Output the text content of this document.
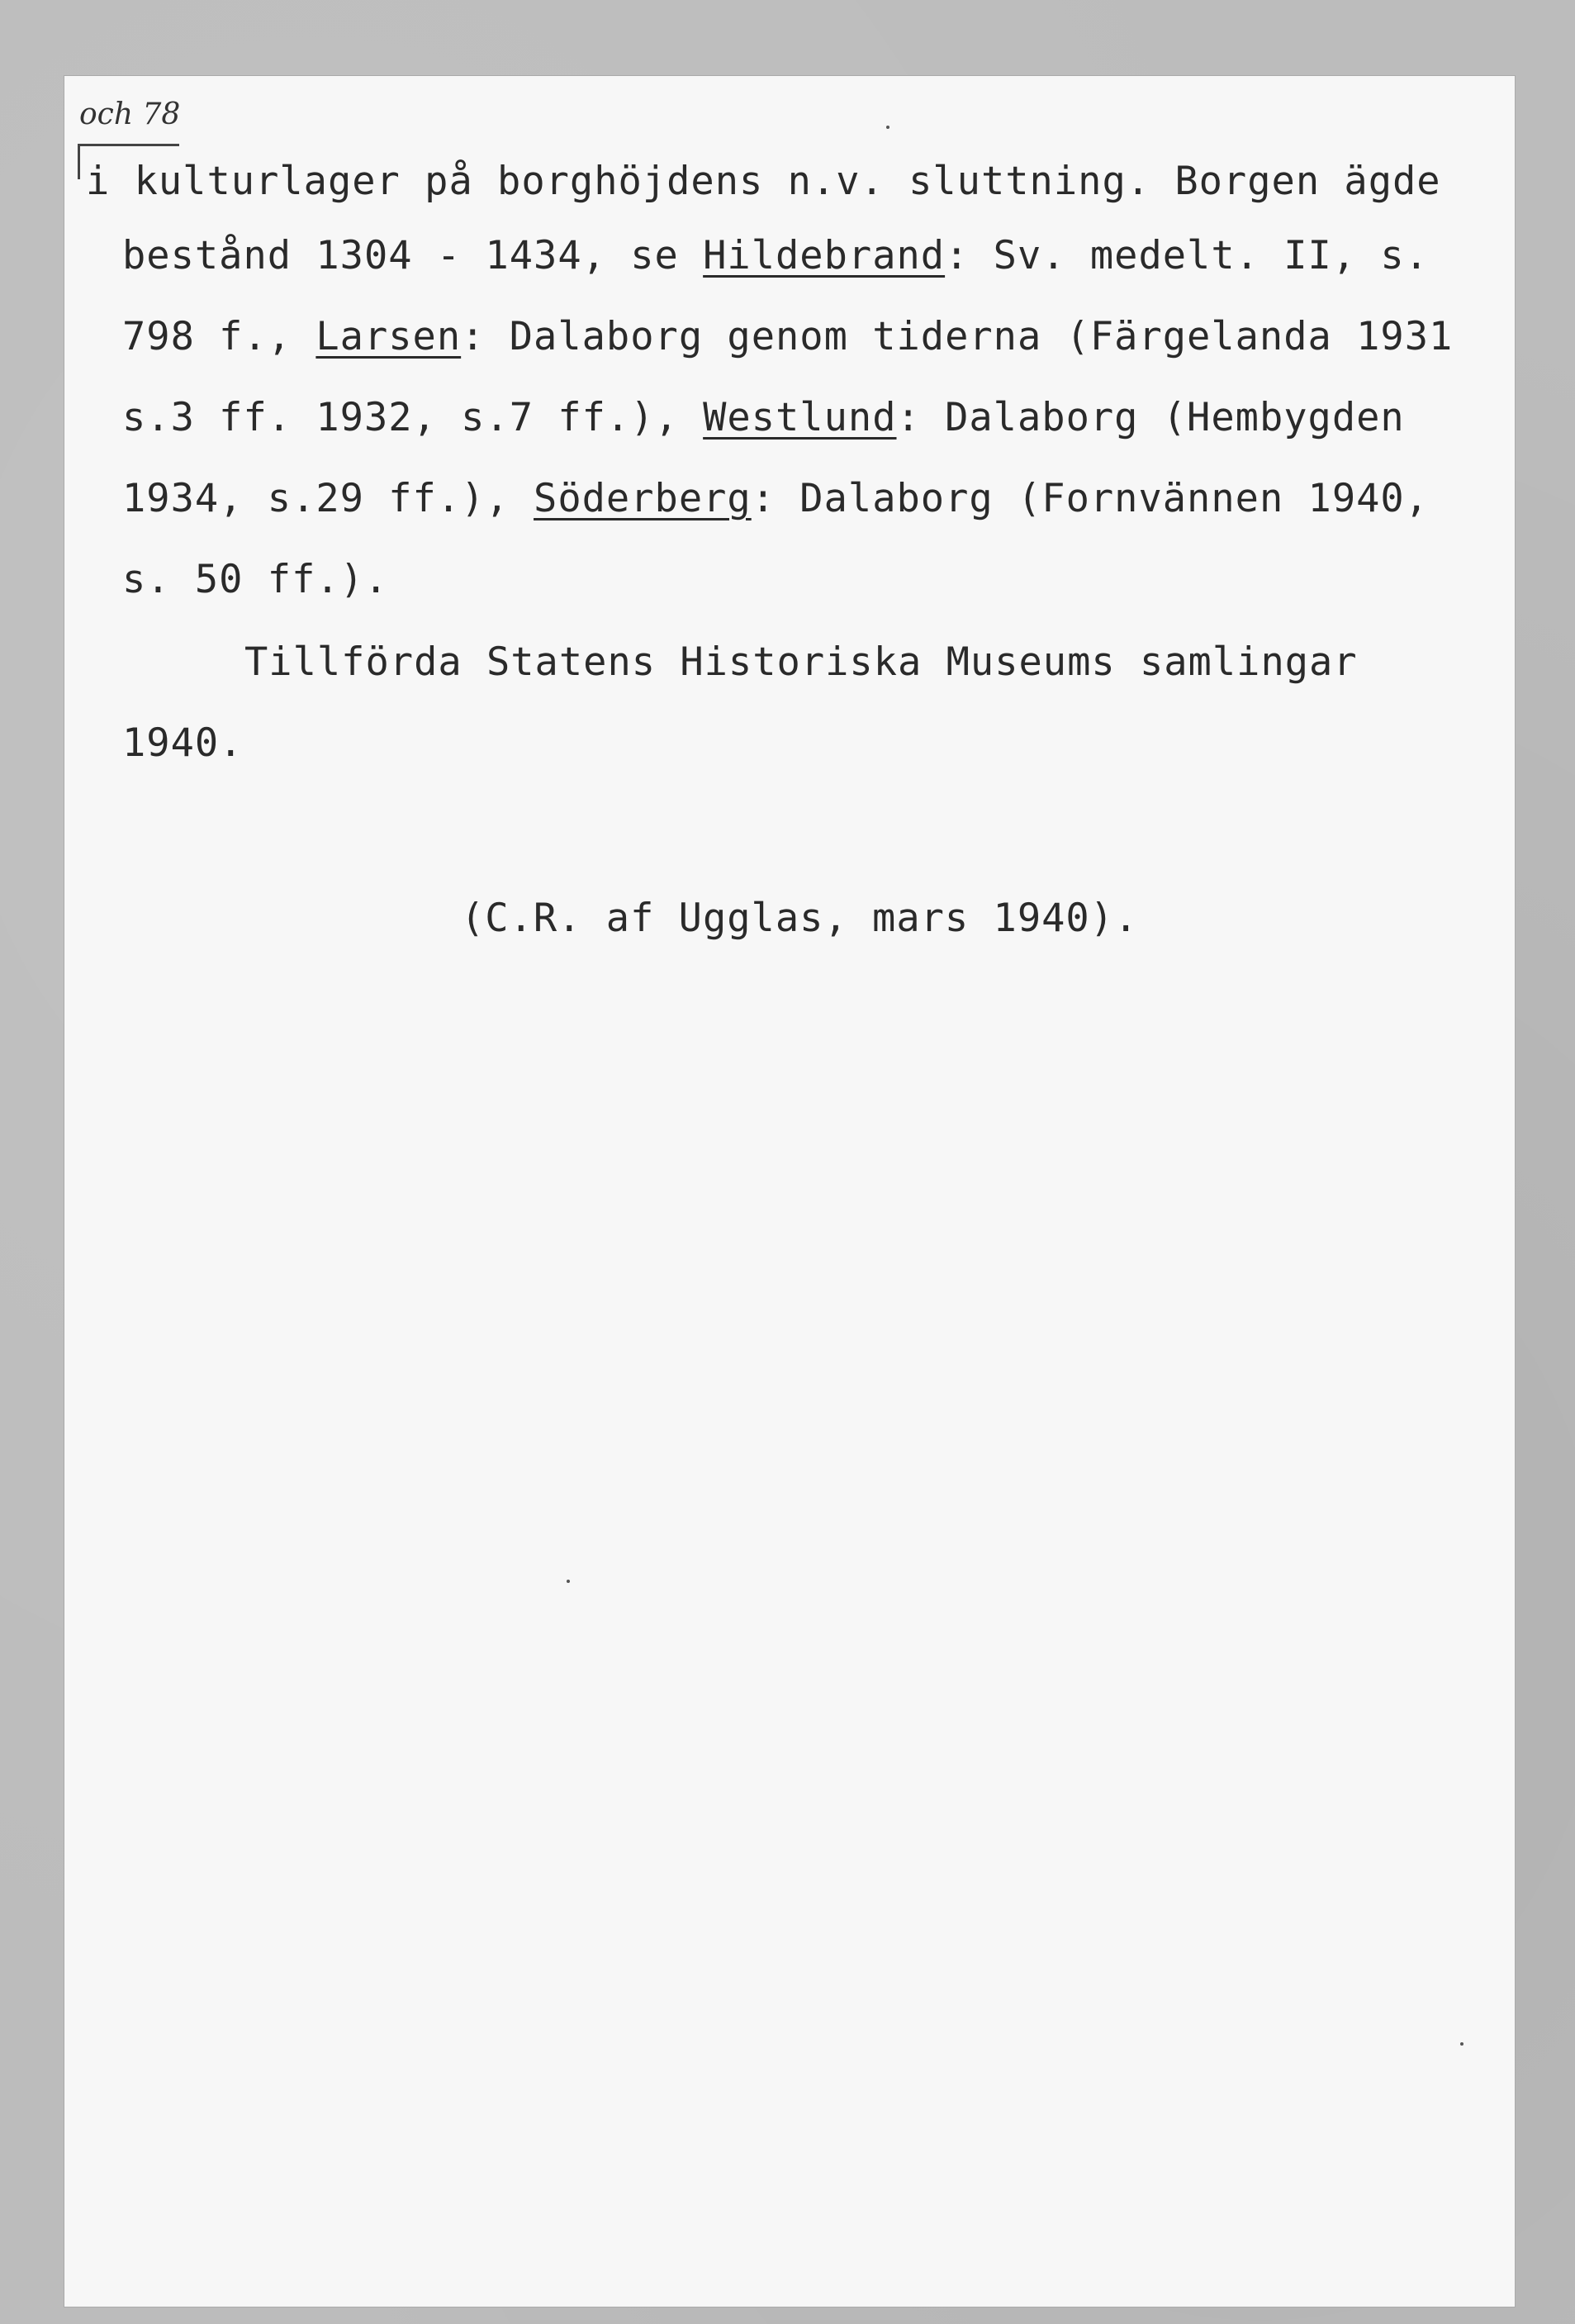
och 78
i kulturlager på borghöjdens n.v. sluttning. Borgen ägde
bestånd 1304 - 1434, se Hildebrand: Sv. medelt. II, s.
798 f., Larsen: Dalaborg genom tiderna (Färgelanda 1931
s.3 ff. 1932, s.7 ff.), Westlund: Dalaborg (Hembygden
1934, s.29 ff.), Söderberg: Dalaborg (Fornvännen 1940,
s. 50 ff.).
Tillförda Statens Historiska Museums samlingar
1940.
(C.R. af Ugglas, mars 1940).
